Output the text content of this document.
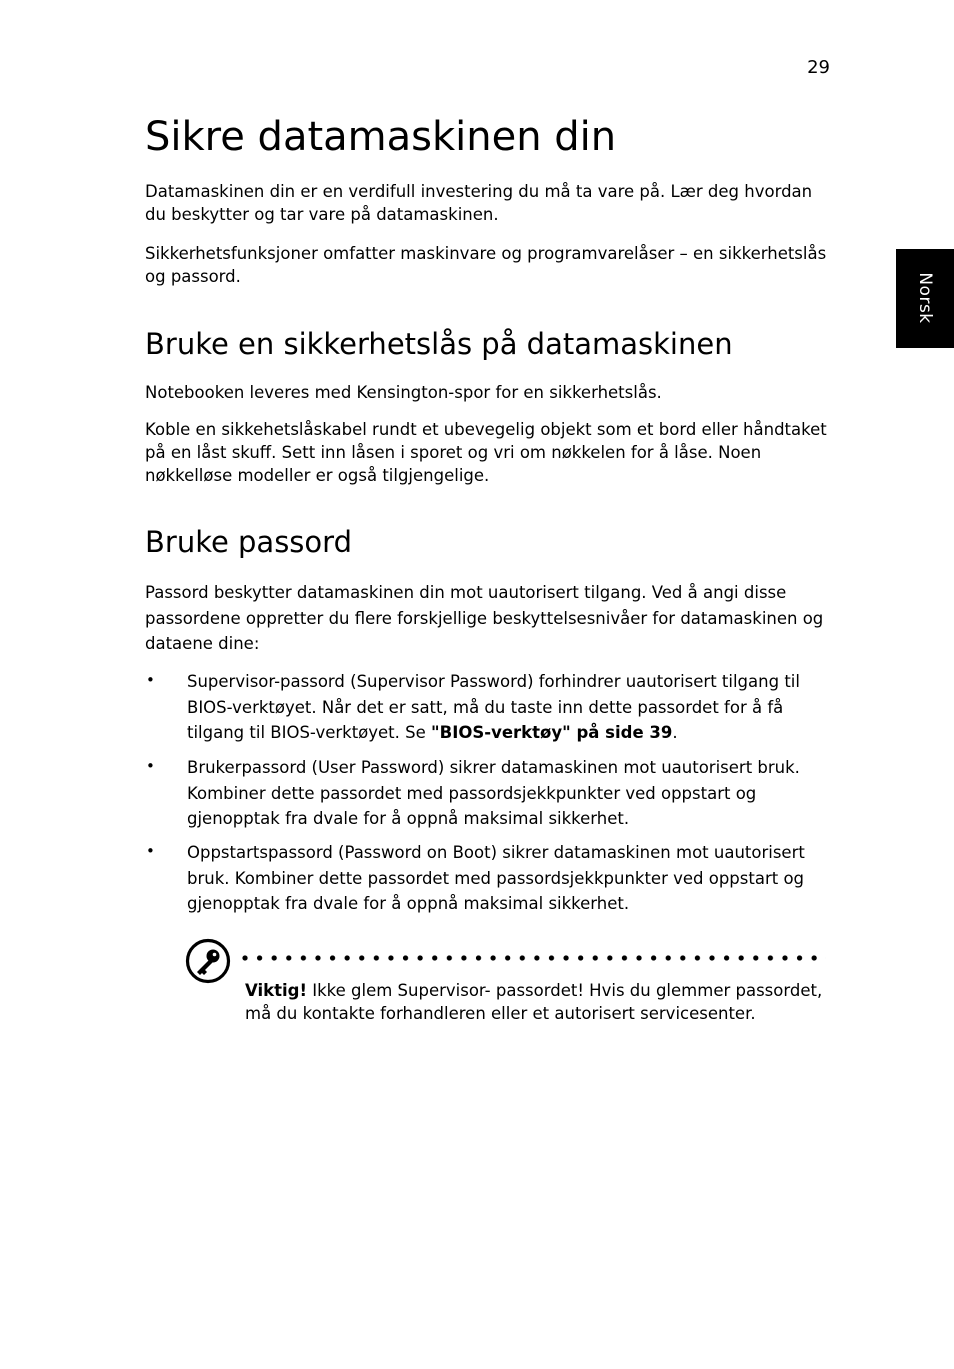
29
Norsk
Sikre datamaskinen din

Datamaskinen din er en verdifull investering du må ta vare på. Lær deg hvordan du beskytter og tar vare på datamaskinen.

Sikkerhetsfunksjoner omfatter maskinvare og programvarelåser – en sikkerhetslås og passord.

Bruke en sikkerhetslås på datamaskinen

Notebooken leveres med Kensington-spor for en sikkerhetslås.

Koble en sikkehetslåskabel rundt et ubevegelig objekt som et bord eller håndtaket på en låst skuff. Sett inn låsen i sporet og vri om nøkkelen for å låse. Noen nøkkelløse modeller er også tilgjengelige.

Bruke passord

Passord beskytter datamaskinen din mot uautorisert tilgang. Ved å angi disse passordene oppretter du flere forskjellige beskyttelsesnivåer for datamaskinen og dataene dine:

• Supervisor-passord (Supervisor Password) forhindrer uautorisert tilgang til BIOS-verktøyet. Når det er satt, må du taste inn dette passordet for å få tilgang til BIOS-verktøyet. Se "BIOS-verktøy" på side 39.

• Brukerpassord (User Password) sikrer datamaskinen mot uautorisert bruk. Kombiner dette passordet med passordsjekkpunkter ved oppstart og gjenopptak fra dvale for å oppnå maksimal sikkerhet.

• Oppstartspassord (Password on Boot) sikrer datamaskinen mot uautorisert bruk. Kombiner dette passordet med passordsjekkpunkter ved oppstart og gjenopptak fra dvale for å oppnå maksimal sikkerhet.

Viktig! Ikke glem Supervisor- passordet! Hvis du glemmer passordet, må du kontakte forhandleren eller et autorisert servicesenter.
